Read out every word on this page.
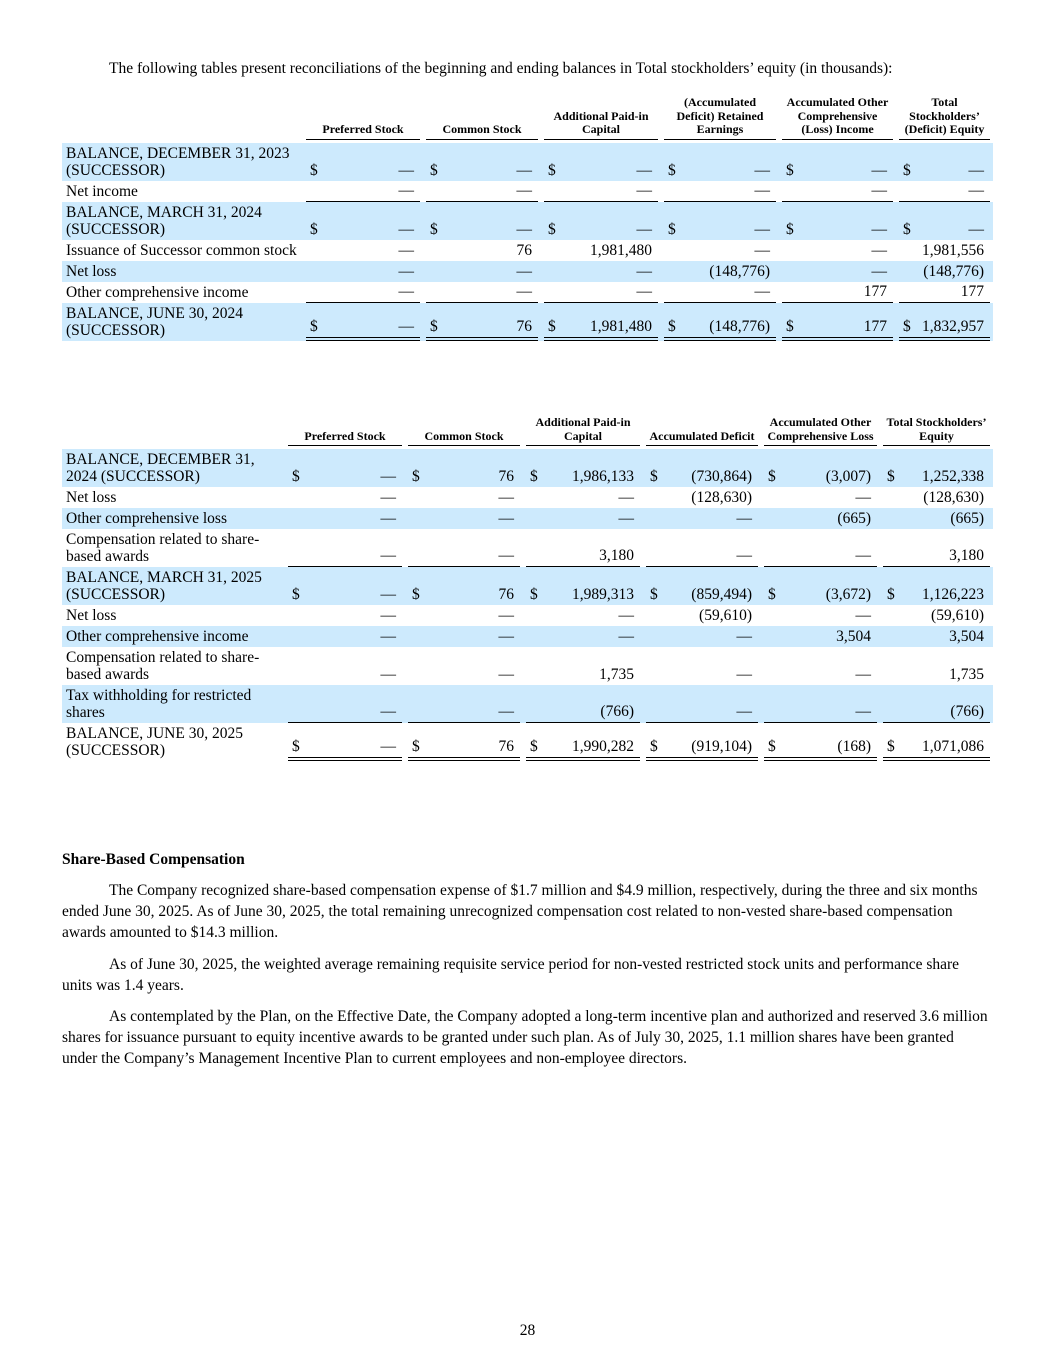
The following tables present reconciliations of the beginning and ending balances in Total stockholders’ equity (in thousands):

	Preferred Stock	Common Stock	Additional Paid-in Capital	(Accumulated Deficit) Retained Earnings	Accumulated Other Comprehensive (Loss) Income	Total Stockholders’ (Deficit) Equity

BALANCE, DECEMBER 31, 2023 (SUCCESSOR)	$ —	$ —	$ —	$ —	$ —	$ —

Net income	—	—	—	—	—	—

BALANCE, MARCH 31, 2024 (SUCCESSOR)	$ —	$ —	$ —	$ —	$ —	$ —

Issuance of Successor common stock	—	76	1,981,480	—	—	1,981,556

Net loss	—	—	—	(148,776)	—	(148,776)

Other comprehensive income	—	—	—	—	177	177

BALANCE, JUNE 30, 2024 (SUCCESSOR)	$ —	$ 76	$ 1,981,480	$ (148,776)	$ 177	$ 1,832,957

	Preferred Stock	Common Stock	Additional Paid-in Capital	Accumulated Deficit	Accumulated Other Comprehensive Loss	Total Stockholders’ Equity

BALANCE, DECEMBER 31, 2024 (SUCCESSOR)	$ —	$ 76	$ 1,986,133	$ (730,864)	$ (3,007)	$ 1,252,338

Net loss	—	—	—	(128,630)	—	(128,630)

Other comprehensive loss	—	—	—	—	(665)	(665)

Compensation related to share-based awards	—	—	3,180	—	—	3,180

BALANCE, MARCH 31, 2025 (SUCCESSOR)	$ —	$ 76	$ 1,989,313	$ (859,494)	$ (3,672)	$ 1,126,223

Net loss	—	—	—	(59,610)	—	(59,610)

Other comprehensive income	—	—	—	—	3,504	3,504

Compensation related to share-based awards	—	—	1,735	—	—	1,735

Tax withholding for restricted shares	—	—	(766)	—	—	(766)

BALANCE, JUNE 30, 2025 (SUCCESSOR)	$ —	$ 76	$ 1,990,282	$ (919,104)	$ (168)	$ 1,071,086
Share-Based Compensation
The Company recognized share-based compensation expense of $1.7 million and $4.9 million, respectively, during the three and six months ended June 30, 2025. As of June 30, 2025, the total remaining unrecognized compensation cost related to non-vested share-based compensation awards amounted to $14.3 million.
As of June 30, 2025, the weighted average remaining requisite service period for non-vested restricted stock units and performance share units was 1.4 years.
As contemplated by the Plan, on the Effective Date, the Company adopted a long-term incentive plan and authorized and reserved 3.6 million shares for issuance pursuant to equity incentive awards to be granted under such plan. As of July 30, 2025, 1.1 million shares have been granted under the Company’s Management Incentive Plan to current employees and non-employee directors.
28
